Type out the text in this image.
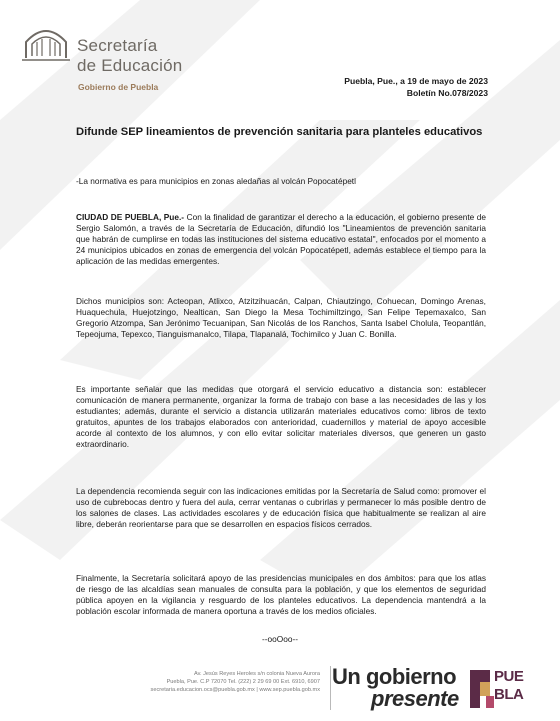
Secretaría
de Educación
Gobierno de Puebla
Puebla, Pue., a 19 de mayo de 2023
Boletín No.078/2023
Difunde SEP lineamientos de prevención sanitaria para planteles educativos
-La normativa es para municipios en zonas aledañas al volcán Popocatépetl
CIUDAD DE PUEBLA, Pue.- Con la finalidad de garantizar el derecho a la educación, el gobierno presente de Sergio Salomón, a través de la Secretaría de Educación, difundió los "Lineamientos de prevención sanitaria que habrán de cumplirse en todas las instituciones del sistema educativo estatal", enfocados por el momento a 24 municipios ubicados en zonas de emergencia del volcán Popocatépetl, además establece el tiempo para la aplicación de las medidas emergentes.
Dichos municipios son: Acteopan, Atlixco, Atzitzihuacán, Calpan, Chiautzingo, Cohuecan, Domingo Arenas, Huaquechula, Huejotzingo, Nealtican, San Diego la Mesa Tochimiltzingo, San Felipe Tepemaxalco, San Gregorio Atzompa, San Jerónimo Tecuanipan, San Nicolás de los Ranchos, Santa Isabel Cholula, Teopantlán, Tepeojuma, Tepexco, Tianguismanalco, Tilapa, Tlapanalá, Tochimilco y Juan C. Bonilla.
Es importante señalar que las medidas que otorgará el servicio educativo a distancia son: establecer comunicación de manera permanente, organizar la forma de trabajo con base a las necesidades de las y los estudiantes; además, durante el servicio a distancia utilizarán materiales educativos como: libros de texto gratuitos, apuntes de los trabajos elaborados con anterioridad, cuadernillos y material de apoyo accesible acorde al contexto de los alumnos, y con ello evitar solicitar materiales diversos, que generen un gasto extraordinario.
La dependencia recomienda seguir con las indicaciones emitidas por la Secretaría de Salud como: promover el uso de cubrebocas dentro y fuera del aula, cerrar ventanas o cubrirlas y permanecer lo más posible dentro de los salones de clases. Las actividades escolares y de educación física que habitualmente se realizan al aire libre, deberán reorientarse para que se desarrollen en espacios físicos cerrados.
Finalmente, la Secretaría solicitará apoyo de las presidencias municipales en dos ámbitos: para que los atlas de riesgo de las alcaldías sean manuales de consulta para la población, y que los elementos de seguridad pública apoyen en la vigilancia y resguardo de los planteles educativos. La dependencia mantendrá a la población escolar informada de manera oportuna a través de los medios oficiales.
--ooOoo--
Av. Jesús Reyes Heroles s/n colonia Nueva Aurora
Puebla, Pue. C.P 72070 Tel. (222) 2 29 69 00 Ext. 6910, 6907
secretaria.educacion.ocs@puebla.gob.mx | www.sep.puebla.gob.mx
Un gobierno
presente
PUE
BLA
